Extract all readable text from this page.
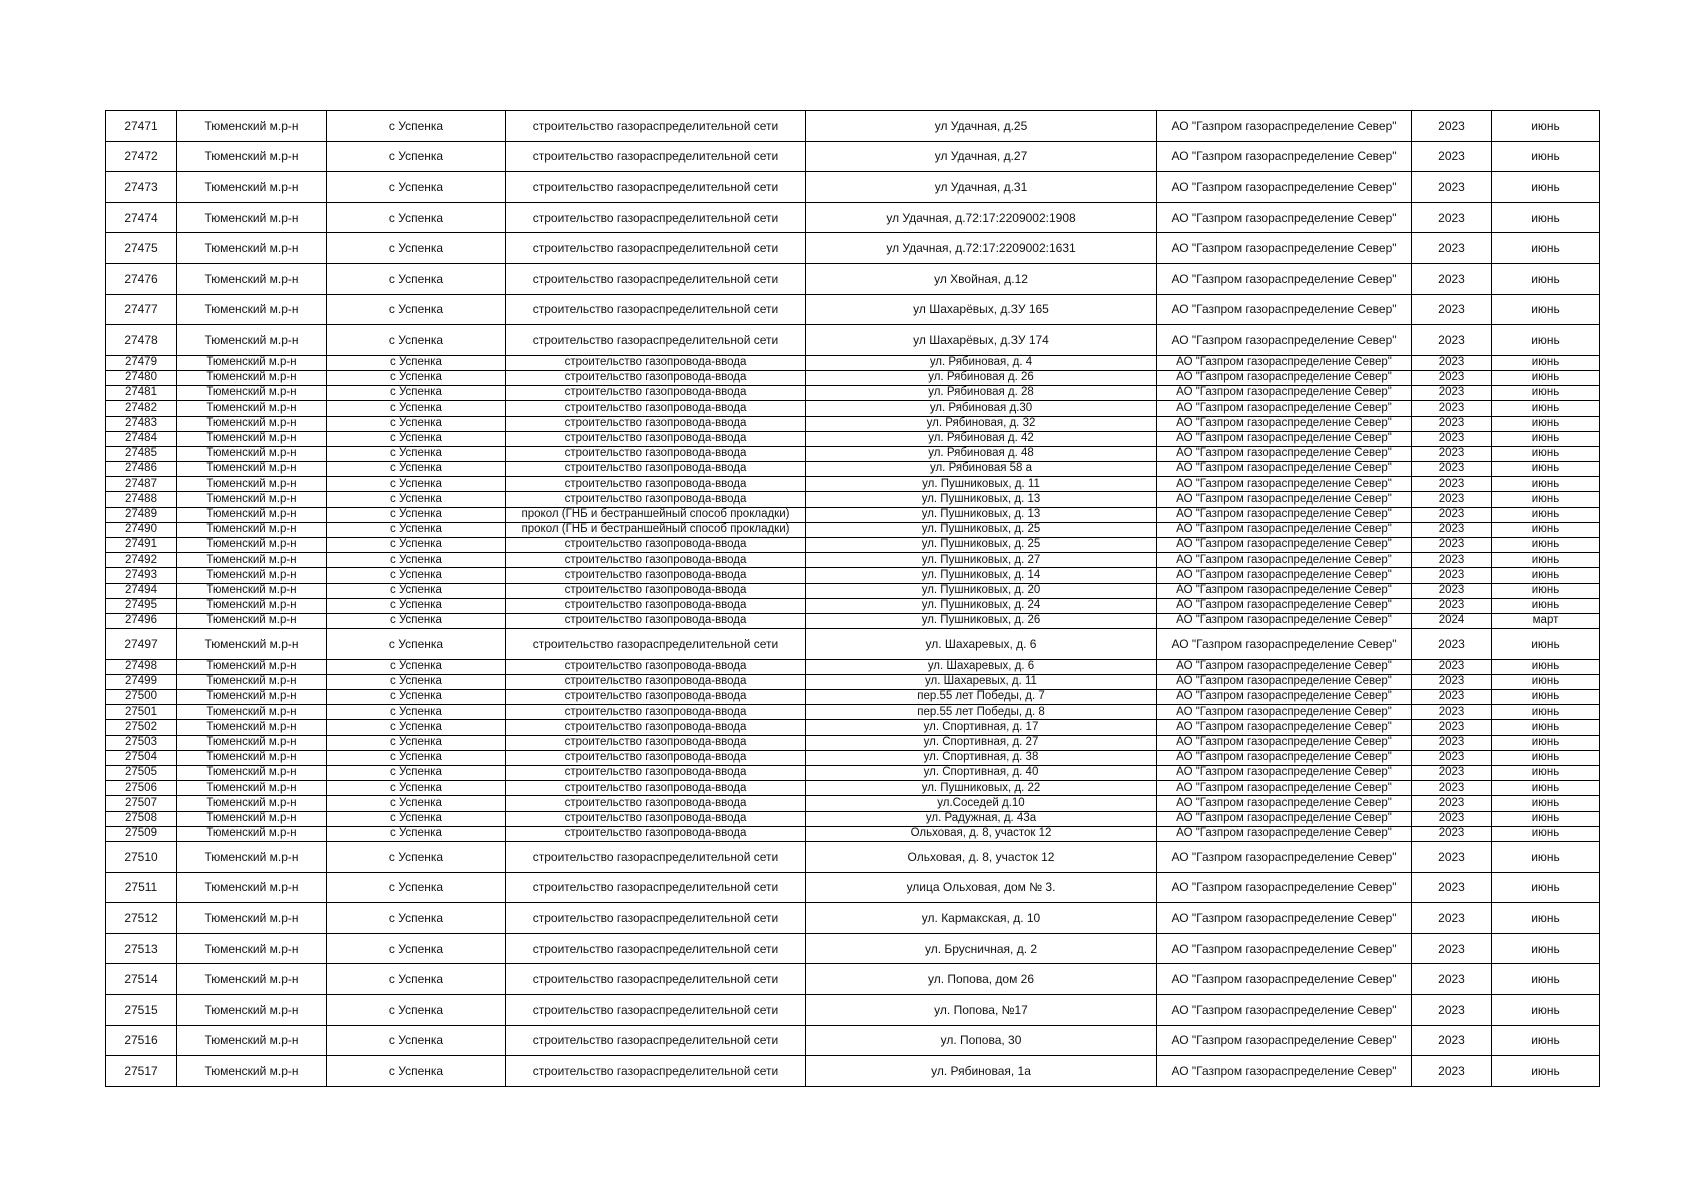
27471	Тюменский м.р-н	с Успенка	строительство газораспределительной сети	ул Удачная, д.25	АО "Газпром газораспределение Север"	2023	июнь
27472	Тюменский м.р-н	с Успенка	строительство газораспределительной сети	ул Удачная, д.27	АО "Газпром газораспределение Север"	2023	июнь
27473	Тюменский м.р-н	с Успенка	строительство газораспределительной сети	ул Удачная, д.31	АО "Газпром газораспределение Север"	2023	июнь
27474	Тюменский м.р-н	с Успенка	строительство газораспределительной сети	ул Удачная, д.72:17:2209002:1908	АО "Газпром газораспределение Север"	2023	июнь
27475	Тюменский м.р-н	с Успенка	строительство газораспределительной сети	ул Удачная, д.72:17:2209002:1631	АО "Газпром газораспределение Север"	2023	июнь
27476	Тюменский м.р-н	с Успенка	строительство газораспределительной сети	ул Хвойная, д.12	АО "Газпром газораспределение Север"	2023	июнь
27477	Тюменский м.р-н	с Успенка	строительство газораспределительной сети	ул Шахарёвых, д.ЗУ 165	АО "Газпром газораспределение Север"	2023	июнь
27478	Тюменский м.р-н	с Успенка	строительство газораспределительной сети	ул Шахарёвых, д.ЗУ 174	АО "Газпром газораспределение Север"	2023	июнь
27479	Тюменский м.р-н	с Успенка	строительство газопровода-ввода	ул. Рябиновая, д. 4	АО "Газпром газораспределение Север"	2023	июнь
27480	Тюменский м.р-н	с Успенка	строительство газопровода-ввода	ул. Рябиновая д. 26	АО "Газпром газораспределение Север"	2023	июнь
27481	Тюменский м.р-н	с Успенка	строительство газопровода-ввода	ул. Рябиновая д. 28	АО "Газпром газораспределение Север"	2023	июнь
27482	Тюменский м.р-н	с Успенка	строительство газопровода-ввода	ул. Рябиновая д.30	АО "Газпром газораспределение Север"	2023	июнь
27483	Тюменский м.р-н	с Успенка	строительство газопровода-ввода	ул. Рябиновая, д. 32	АО "Газпром газораспределение Север"	2023	июнь
27484	Тюменский м.р-н	с Успенка	строительство газопровода-ввода	ул. Рябиновая д. 42	АО "Газпром газораспределение Север"	2023	июнь
27485	Тюменский м.р-н	с Успенка	строительство газопровода-ввода	ул. Рябиновая д. 48	АО "Газпром газораспределение Север"	2023	июнь
27486	Тюменский м.р-н	с Успенка	строительство газопровода-ввода	ул. Рябиновая 58 а	АО "Газпром газораспределение Север"	2023	июнь
27487	Тюменский м.р-н	с Успенка	строительство газопровода-ввода	ул. Пушниковых, д. 11	АО "Газпром газораспределение Север"	2023	июнь
27488	Тюменский м.р-н	с Успенка	строительство газопровода-ввода	ул. Пушниковых, д. 13	АО "Газпром газораспределение Север"	2023	июнь
27489	Тюменский м.р-н	с Успенка	прокол (ГНБ и бестраншейный способ прокладки)	ул. Пушниковых, д. 13	АО "Газпром газораспределение Север"	2023	июнь
27490	Тюменский м.р-н	с Успенка	прокол (ГНБ и бестраншейный способ прокладки)	ул. Пушниковых, д. 25	АО "Газпром газораспределение Север"	2023	июнь
27491	Тюменский м.р-н	с Успенка	строительство газопровода-ввода	ул. Пушниковых, д. 25	АО "Газпром газораспределение Север"	2023	июнь
27492	Тюменский м.р-н	с Успенка	строительство газопровода-ввода	ул. Пушниковых, д. 27	АО "Газпром газораспределение Север"	2023	июнь
27493	Тюменский м.р-н	с Успенка	строительство газопровода-ввода	ул. Пушниковых, д. 14	АО "Газпром газораспределение Север"	2023	июнь
27494	Тюменский м.р-н	с Успенка	строительство газопровода-ввода	ул. Пушниковых, д. 20	АО "Газпром газораспределение Север"	2023	июнь
27495	Тюменский м.р-н	с Успенка	строительство газопровода-ввода	ул. Пушниковых, д. 24	АО "Газпром газораспределение Север"	2023	июнь
27496	Тюменский м.р-н	с Успенка	строительство газопровода-ввода	ул. Пушниковых, д. 26	АО "Газпром газораспределение Север"	2024	март
27497	Тюменский м.р-н	с Успенка	строительство газораспределительной сети	ул. Шахаревых, д. 6	АО "Газпром газораспределение Север"	2023	июнь
27498	Тюменский м.р-н	с Успенка	строительство газопровода-ввода	ул. Шахаревых, д. 6	АО "Газпром газораспределение Север"	2023	июнь
27499	Тюменский м.р-н	с Успенка	строительство газопровода-ввода	ул. Шахаревых, д. 11	АО "Газпром газораспределение Север"	2023	июнь
27500	Тюменский м.р-н	с Успенка	строительство газопровода-ввода	пер.55 лет Победы, д. 7	АО "Газпром газораспределение Север"	2023	июнь
27501	Тюменский м.р-н	с Успенка	строительство газопровода-ввода	пер.55 лет Победы, д. 8	АО "Газпром газораспределение Север"	2023	июнь
27502	Тюменский м.р-н	с Успенка	строительство газопровода-ввода	ул. Спортивная, д. 17	АО "Газпром газораспределение Север"	2023	июнь
27503	Тюменский м.р-н	с Успенка	строительство газопровода-ввода	ул. Спортивная, д. 27	АО "Газпром газораспределение Север"	2023	июнь
27504	Тюменский м.р-н	с Успенка	строительство газопровода-ввода	ул. Спортивная, д. 38	АО "Газпром газораспределение Север"	2023	июнь
27505	Тюменский м.р-н	с Успенка	строительство газопровода-ввода	ул. Спортивная, д. 40	АО "Газпром газораспределение Север"	2023	июнь
27506	Тюменский м.р-н	с Успенка	строительство газопровода-ввода	ул. Пушниковых, д. 22	АО "Газпром газораспределение Север"	2023	июнь
27507	Тюменский м.р-н	с Успенка	строительство газопровода-ввода	ул.Соседей д.10	АО "Газпром газораспределение Север"	2023	июнь
27508	Тюменский м.р-н	с Успенка	строительство газопровода-ввода	ул. Радужная, д. 43а	АО "Газпром газораспределение Север"	2023	июнь
27509	Тюменский м.р-н	с Успенка	строительство газопровода-ввода	Ольховая, д. 8, участок 12	АО "Газпром газораспределение Север"	2023	июнь
27510	Тюменский м.р-н	с Успенка	строительство газораспределительной сети	Ольховая, д. 8, участок 12	АО "Газпром газораспределение Север"	2023	июнь
27511	Тюменский м.р-н	с Успенка	строительство газораспределительной сети	улица Ольховая, дом № 3.	АО "Газпром газораспределение Север"	2023	июнь
27512	Тюменский м.р-н	с Успенка	строительство газораспределительной сети	ул. Кармакская, д. 10	АО "Газпром газораспределение Север"	2023	июнь
27513	Тюменский м.р-н	с Успенка	строительство газораспределительной сети	ул. Брусничная, д. 2	АО "Газпром газораспределение Север"	2023	июнь
27514	Тюменский м.р-н	с Успенка	строительство газораспределительной сети	ул. Попова, дом 26	АО "Газпром газораспределение Север"	2023	июнь
27515	Тюменский м.р-н	с Успенка	строительство газораспределительной сети	ул. Попова, №17	АО "Газпром газораспределение Север"	2023	июнь
27516	Тюменский м.р-н	с Успенка	строительство газораспределительной сети	ул. Попова, 30	АО "Газпром газораспределение Север"	2023	июнь
27517	Тюменский м.р-н	с Успенка	строительство газораспределительной сети	ул. Рябиновая, 1а	АО "Газпром газораспределение Север"	2023	июнь
